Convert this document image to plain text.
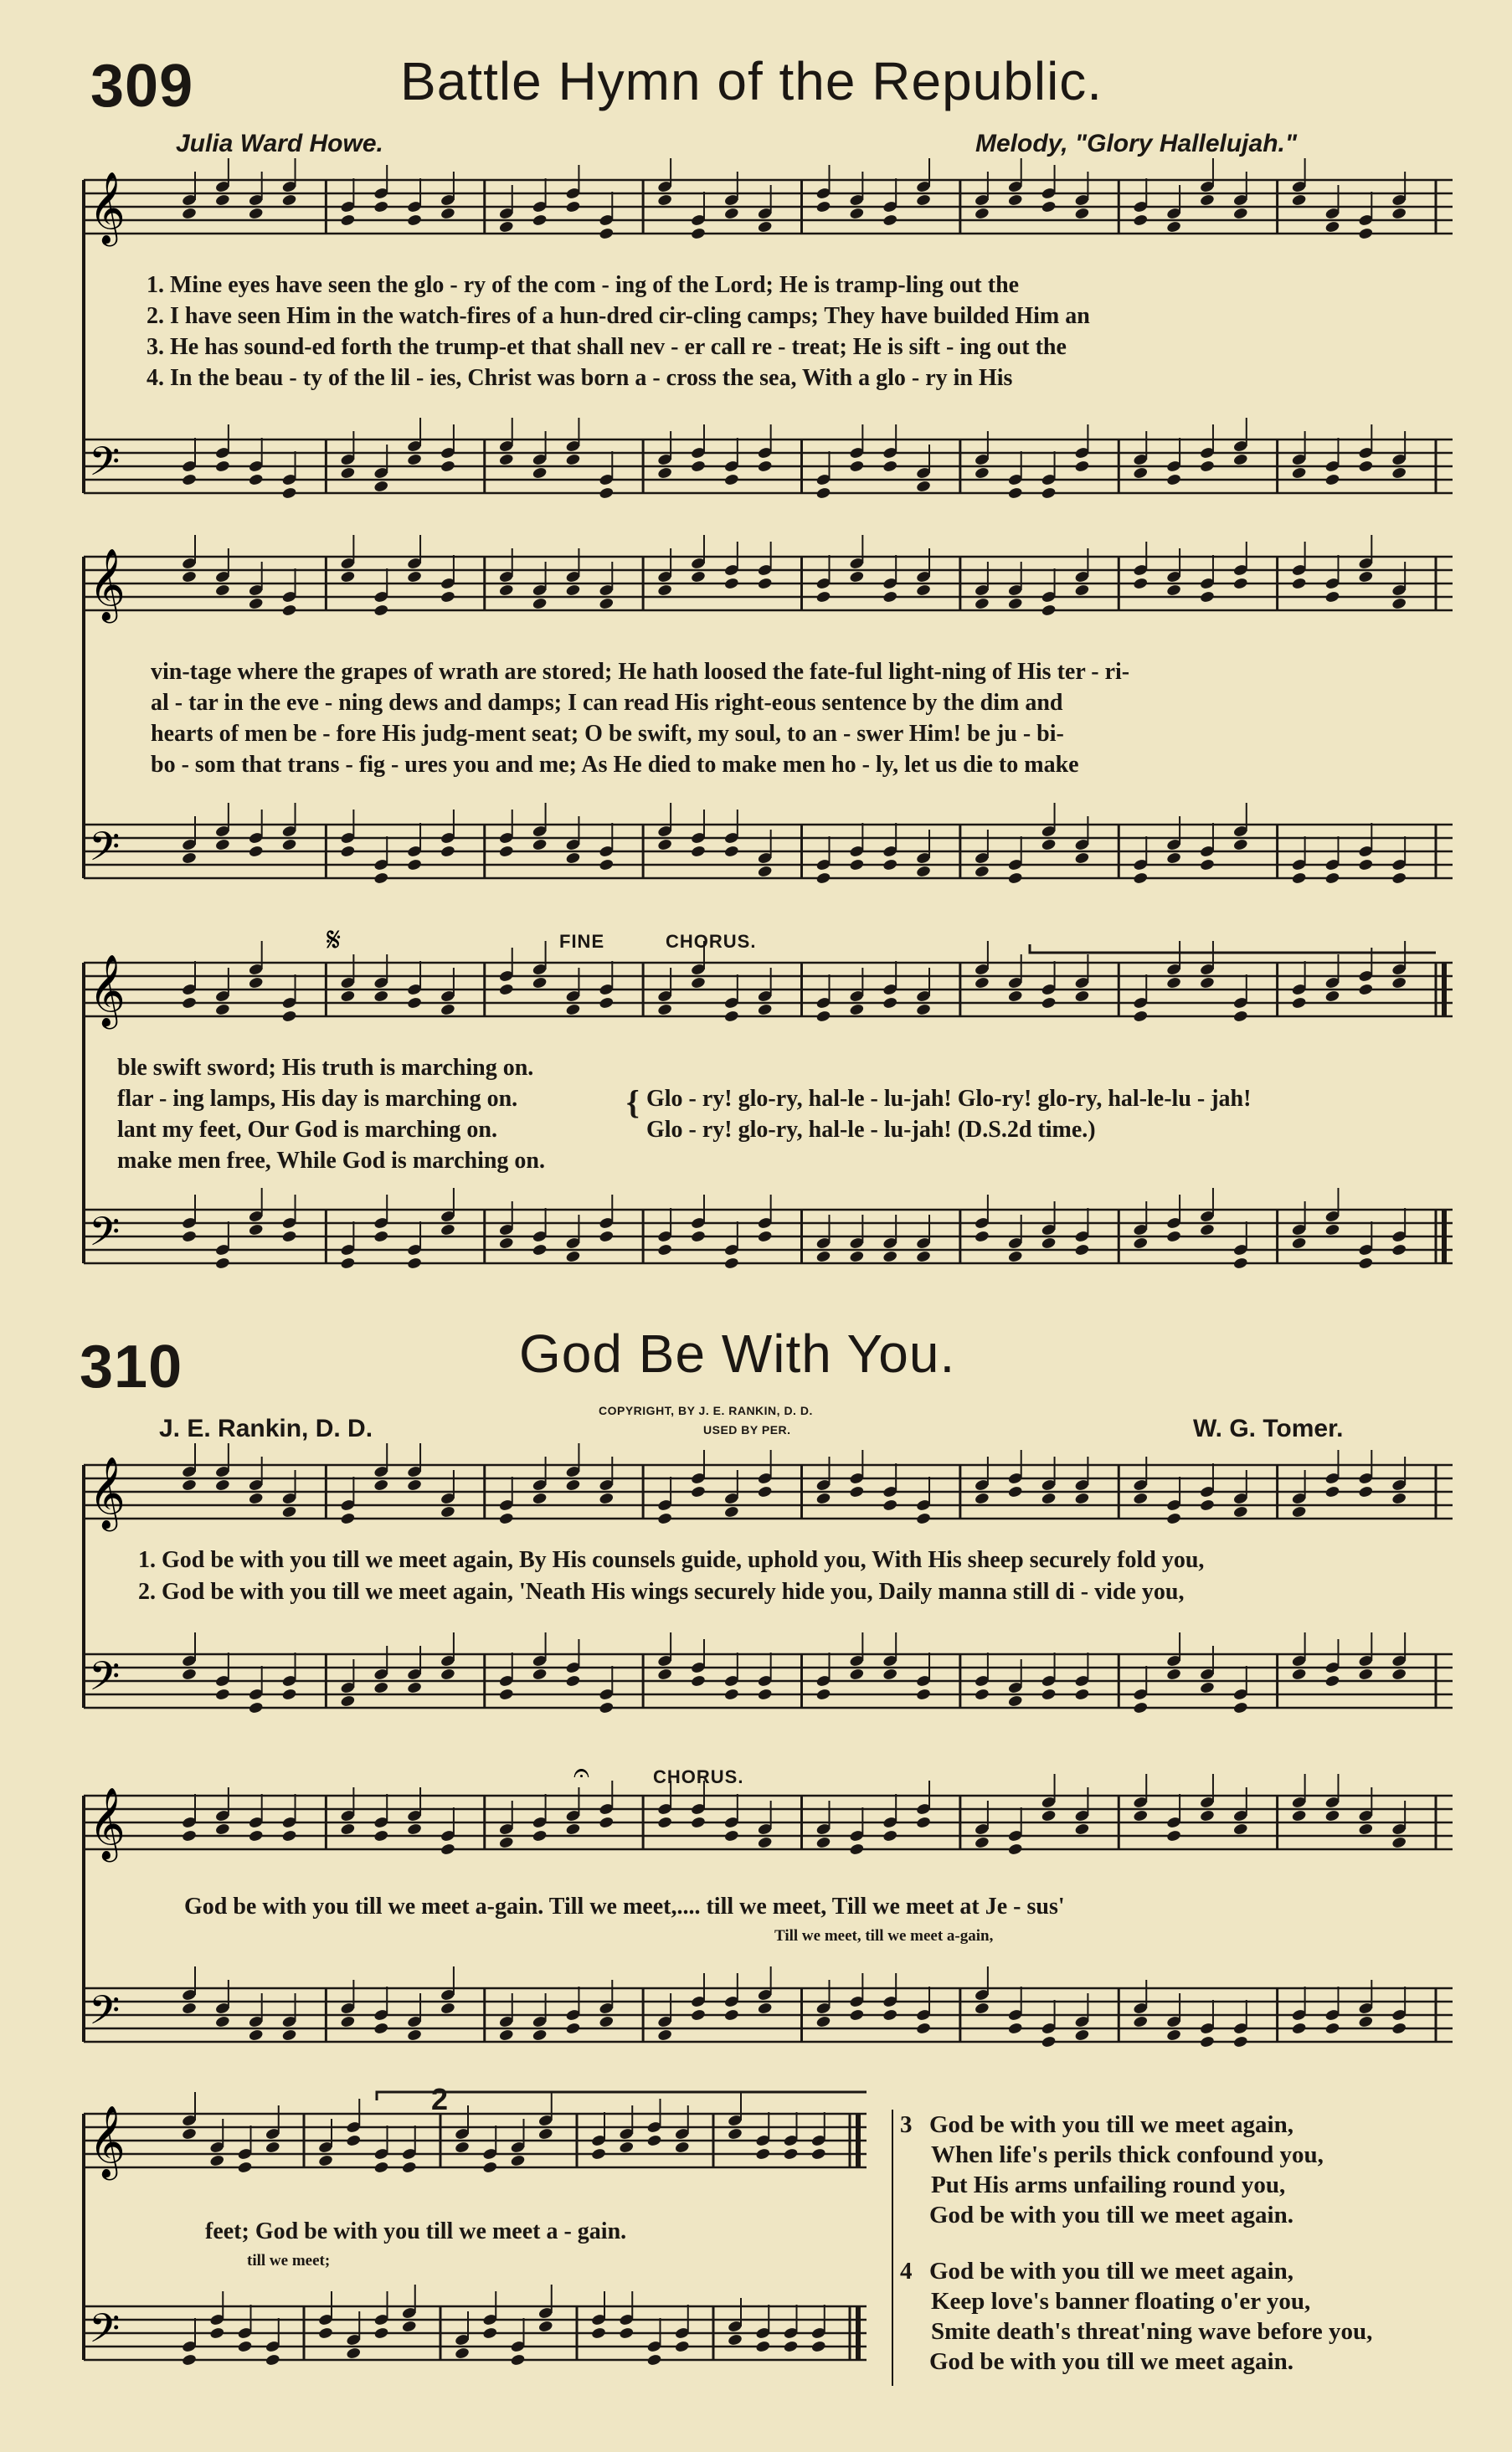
309	Battle Hymn of the Republic.
Julia Ward Howe.	Melody, "Glory Hallelujah."
𝄞
𝄢
1. Mine eyes have seen the glo - ry of the com - ing of the Lord; He is tramp-ling out the
2. I have seen Him in the watch-fires of a hun-dred cir-cling camps; They have builded Him an
3. He has sound-ed forth the trump-et that shall nev - er call re - treat; He is sift - ing out the
4. In the beau - ty of the lil - ies, Christ was born a - cross the sea, With a glo - ry in His
𝄞
𝄢
vin-tage where the grapes of wrath are stored; He hath loosed the fate-ful light-ning of His ter - ri-
al - tar in the eve - ning dews and damps; I can read His right-eous sentence by the dim and
hearts of men be - fore His judg-ment seat; O be swift, my soul, to an - swer Him! be ju - bi-
bo - som that trans - fig - ures you and me; As He died to make men ho - ly, let us die to make
FINE	CHORUS.
𝄞
𝄢
𝄋
ble swift sword; His truth is marching on.
flar - ing lamps, His day is marching on.
lant my feet, Our God is marching on.
make men free, While God is marching on.
{ Glo - ry! glo-ry, hal-le - lu-jah! Glo-ry! glo-ry, hal-le-lu - jah!
Glo - ry! glo-ry, hal-le - lu-jah! (D.S.2d time.)
310	God Be With You.
J. E. Rankin, D. D.
COPYRIGHT, BY J. E. RANKIN, D. D.
USED BY PER.	W. G. Tomer.
𝄞
𝄢
1. God be with you till we meet again, By His counsels guide, uphold you, With His sheep securely fold you,
2. God be with you till we meet again, 'Neath His wings securely hide you, Daily manna still di - vide you,
CHORUS.
𝄞
𝄢
𝄐
God be with you till we meet a-gain. Till we meet,.... till we meet, Till we meet at Je - sus'
Till we meet, till we meet a-gain,
𝄞
𝄢
2
feet; God be with you till we meet a - gain.
till we meet;
3 God be with you till we meet again,
When life's perils thick confound you,
Put His arms unfailing round you,
God be with you till we meet again.
4 God be with you till we meet again,
Keep love's banner floating o'er you,
Smite death's threat'ning wave before you,
God be with you till we meet again.
